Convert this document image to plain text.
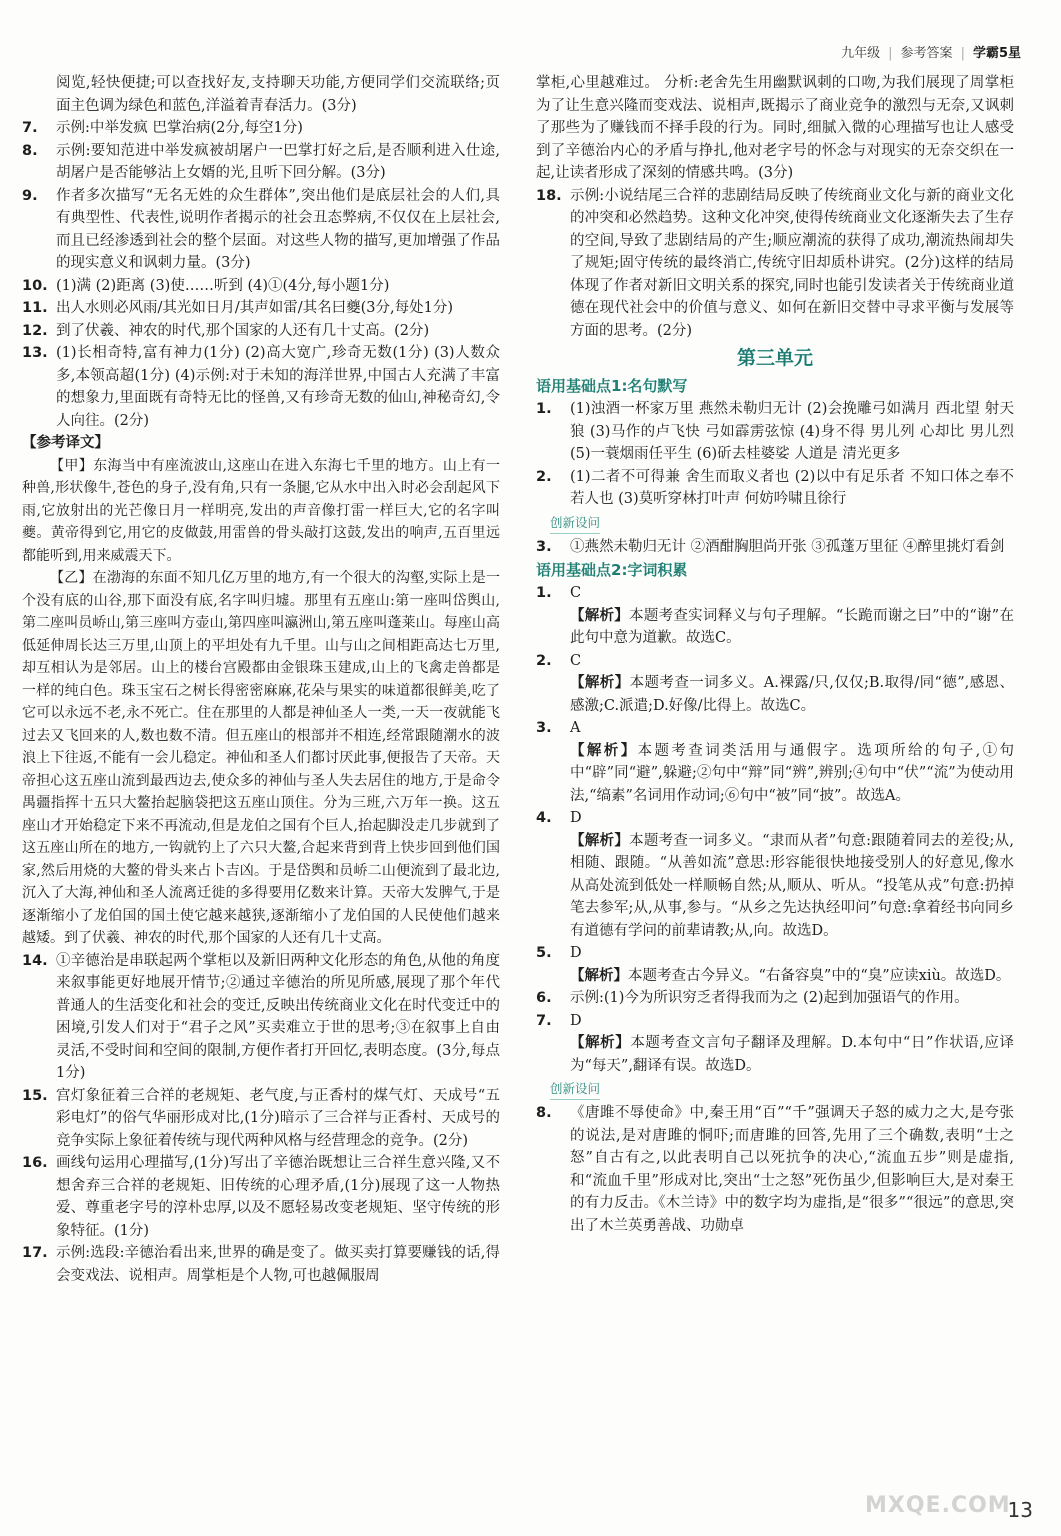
九年级 | 参考答案 | 学霸5星

阅览,轻快便捷;可以查找好友,支持聊天功能,方便同学们交流联络;页面主色调为绿色和蓝色,洋溢着青春活力。(3分)

7.	示例:中举发疯 巴掌治病(2分,每空1分)
8.	示例:要知范进中举发疯被胡屠户一巴掌打好之后,是否顺利进入仕途,胡屠户是否能够沾上女婿的光,且听下回分解。(3分)
9.	作者多次描写“无名无姓的众生群体”,突出他们是底层社会的人们,具有典型性、代表性,说明作者揭示的社会丑态弊病,不仅仅在上层社会,而且已经渗透到社会的整个层面。对这些人物的描写,更加增强了作品的现实意义和讽刺力量。(3分)
10. (1)满 (2)距离 (3)使……听到 (4)①(4分,每小题1分)
11. 出人水则必风雨/其光如日月/其声如雷/其名曰夔(3分,每处1分)
12. 到了伏羲、神农的时代,那个国家的人还有几十丈高。(2分)
13. (1)长相奇特,富有神力(1分) (2)高大宽广,珍奇无数(1分) (3)人数众多,本领高超(1分) (4)示例:对于未知的海洋世界,中国古人充满了丰富的想象力,里面既有奇特无比的怪兽,又有珍奇无数的仙山,神秘奇幻,令人向往。(2分)

【参考译文】

【甲】东海当中有座流波山,这座山在进入东海七千里的地方。山上有一种兽,形状像牛,苍色的身子,没有角,只有一条腿,它从水中出入时必会刮起风下雨,它放射出的光芒像日月一样明亮,发出的声音像打雷一样巨大,它的名字叫夔。黄帝得到它,用它的皮做鼓,用雷兽的骨头敲打这鼓,发出的响声,五百里远都能听到,用来威震天下。

【乙】在渤海的东面不知几亿万里的地方,有一个很大的沟壑,实际上是一个没有底的山谷,那下面没有底,名字叫归墟。那里有五座山:第一座叫岱舆山,第二座叫员峤山,第三座叫方壶山,第四座叫瀛洲山,第五座叫蓬莱山。每座山高低延伸周长达三万里,山顶上的平坦处有九千里。山与山之间相距高达七万里,却互相认为是邻居。山上的楼台宫殿都由金银珠玉建成,山上的飞禽走兽都是一样的纯白色。珠玉宝石之树长得密密麻麻,花朵与果实的味道都很鲜美,吃了它可以永远不老,永不死亡。住在那里的人都是神仙圣人一类,一天一夜就能飞过去又飞回来的人,数也数不清。但五座山的根部并不相连,经常跟随潮水的波浪上下往返,不能有一会儿稳定。神仙和圣人们都讨厌此事,便报告了天帝。天帝担心这五座山流到最西边去,使众多的神仙与圣人失去居住的地方,于是命令禺疆指挥十五只大鳌抬起脑袋把这五座山顶住。分为三班,六万年一换。这五座山才开始稳定下来不再流动,但是龙伯之国有个巨人,抬起脚没走几步就到了这五座山所在的地方,一钩就钓上了六只大鳌,合起来背到背上快步回到他们国家,然后用烧的大鳌的骨头来占卜吉凶。于是岱舆和员峤二山便流到了最北边,沉入了大海,神仙和圣人流离迁徙的多得要用亿数来计算。天帝大发脾气,于是逐渐缩小了龙伯国的国土使它越来越狭,逐渐缩小了龙伯国的人民使他们越来越矮。到了伏羲、神农的时代,那个国家的人还有几十丈高。

14. ①辛德治是串联起两个掌柜以及新旧两种文化形态的角色,从他的角度来叙事能更好地展开情节;②通过辛德治的所见所感,展现了那个年代普通人的生活变化和社会的变迁,反映出传统商业文化在时代变迁中的困境,引发人们对于“君子之风”买卖难立于世的思考;③在叙事上自由灵活,不受时间和空间的限制,方便作者打开回忆,表明态度。(3分,每点1分)
15. 宫灯象征着三合祥的老规矩、老气度,与正香村的煤气灯、天成号“五彩电灯”的俗气华丽形成对比,(1分)暗示了三合祥与正香村、天成号的竞争实际上象征着传统与现代两种风格与经营理念的竞争。(2分)
16. 画线句运用心理描写,(1分)写出了辛德治既想让三合祥生意兴隆,又不想舍弃三合祥的老规矩、旧传统的心理矛盾,(1分)展现了这一人物热爱、尊重老字号的淳朴忠厚,以及不愿轻易改变老规矩、坚守传统的形象特征。(1分)
17. 示例:选段:辛德治看出来,世界的确是变了。做买卖打算要赚钱的话,得会变戏法、说相声。周掌柜是个人物,可也越佩服周

掌柜,心里越难过。 分析:老舍先生用幽默讽刺的口吻,为我们展现了周掌柜为了让生意兴隆而变戏法、说相声,既揭示了商业竞争的激烈与无奈,又讽刺了那些为了赚钱而不择手段的行为。同时,细腻入微的心理描写也让人感受到了辛德治内心的矛盾与挣扎,他对老字号的怀念与对现实的无奈交织在一起,让读者形成了深刻的情感共鸣。(3分)

18. 示例:小说结尾三合祥的悲剧结局反映了传统商业文化与新的商业文化的冲突和必然趋势。这种文化冲突,使得传统商业文化逐渐失去了生存的空间,导致了悲剧结局的产生;顺应潮流的获得了成功,潮流热闹却失了规矩;固守传统的最终消亡,传统守旧却质朴讲究。(2分)这样的结局体现了作者对新旧文明关系的探究,同时也能引发读者关于传统商业道德在现代社会中的价值与意义、如何在新旧交替中寻求平衡与发展等方面的思考。(2分)
第三单元
语用基础点1:名句默写
1.	(1)浊酒一杯家万里 燕然未勒归无计 (2)会挽雕弓如满月 西北望 射天狼 (3)马作的卢飞快 弓如霹雳弦惊 (4)身不得 男儿列 心却比 男儿烈 (5)一蓑烟雨任平生 (6)斫去桂婆娑 人道是 清光更多
2.	(1)二者不可得兼 舍生而取义者也 (2)以中有足乐者 不知口体之奉不若人也 (3)莫听穿林打叶声 何妨吟啸且徐行
创新设问
3.	①燕然未勒归无计 ②酒酣胸胆尚开张 ③孤蓬万里征 ④醉里挑灯看剑
语用基础点2:字词积累
1.	C
【解析】本题考查实词释义与句子理解。“长跪而谢之曰”中的“谢”在此句中意为道歉。故选C。
2.	C
【解析】本题考查一词多义。A.裸露/只,仅仅;B.取得/同“德”,感恩、感激;C.派遣;D.好像/比得上。故选C。
3.	A
【解析】本题考查词类活用与通假字。选项所给的句子,①句中“辟”同“避”,躲避;②句中“辩”同“辨”,辨别;④句中“伏”“流”为使动用法,“缟素”名词用作动词;⑥句中“被”同“披”。故选A。
4.	D
【解析】本题考查一词多义。“隶而从者”句意:跟随着同去的差役;从,相随、跟随。“从善如流”意思:形容能很快地接受别人的好意见,像水从高处流到低处一样顺畅自然;从,顺从、听从。“投笔从戎”句意:扔掉笔去参军;从,从事,参与。“从乡之先达执经叩问”句意:拿着经书向同乡有道德有学问的前辈请教;从,向。故选D。
5.	D
【解析】本题考查古今异义。“右备容臭”中的“臭”应读xiù。故选D。
6.	示例:(1)今为所识穷乏者得我而为之 (2)起到加强语气的作用。
7.	D
【解析】本题考查文言句子翻译及理解。D.本句中“日”作状语,应译为“每天”,翻译有误。故选D。
创新设问
8.	《唐雎不辱使命》中,秦王用“百”“千”强调天子怒的威力之大,是夸张的说法,是对唐雎的恫吓;而唐雎的回答,先用了三个确数,表明“士之怒”自古有之,以此表明自己以死抗争的决心,“流血五步”则是虚指,和“流血千里”形成对比,突出“士之怒”死伤虽少,但影响巨大,是对秦王的有力反击。《木兰诗》中的数字均为虚指,是“很多”“很远”的意思,突出了木兰英勇善战、功勋卓
MXQE.COM
13
